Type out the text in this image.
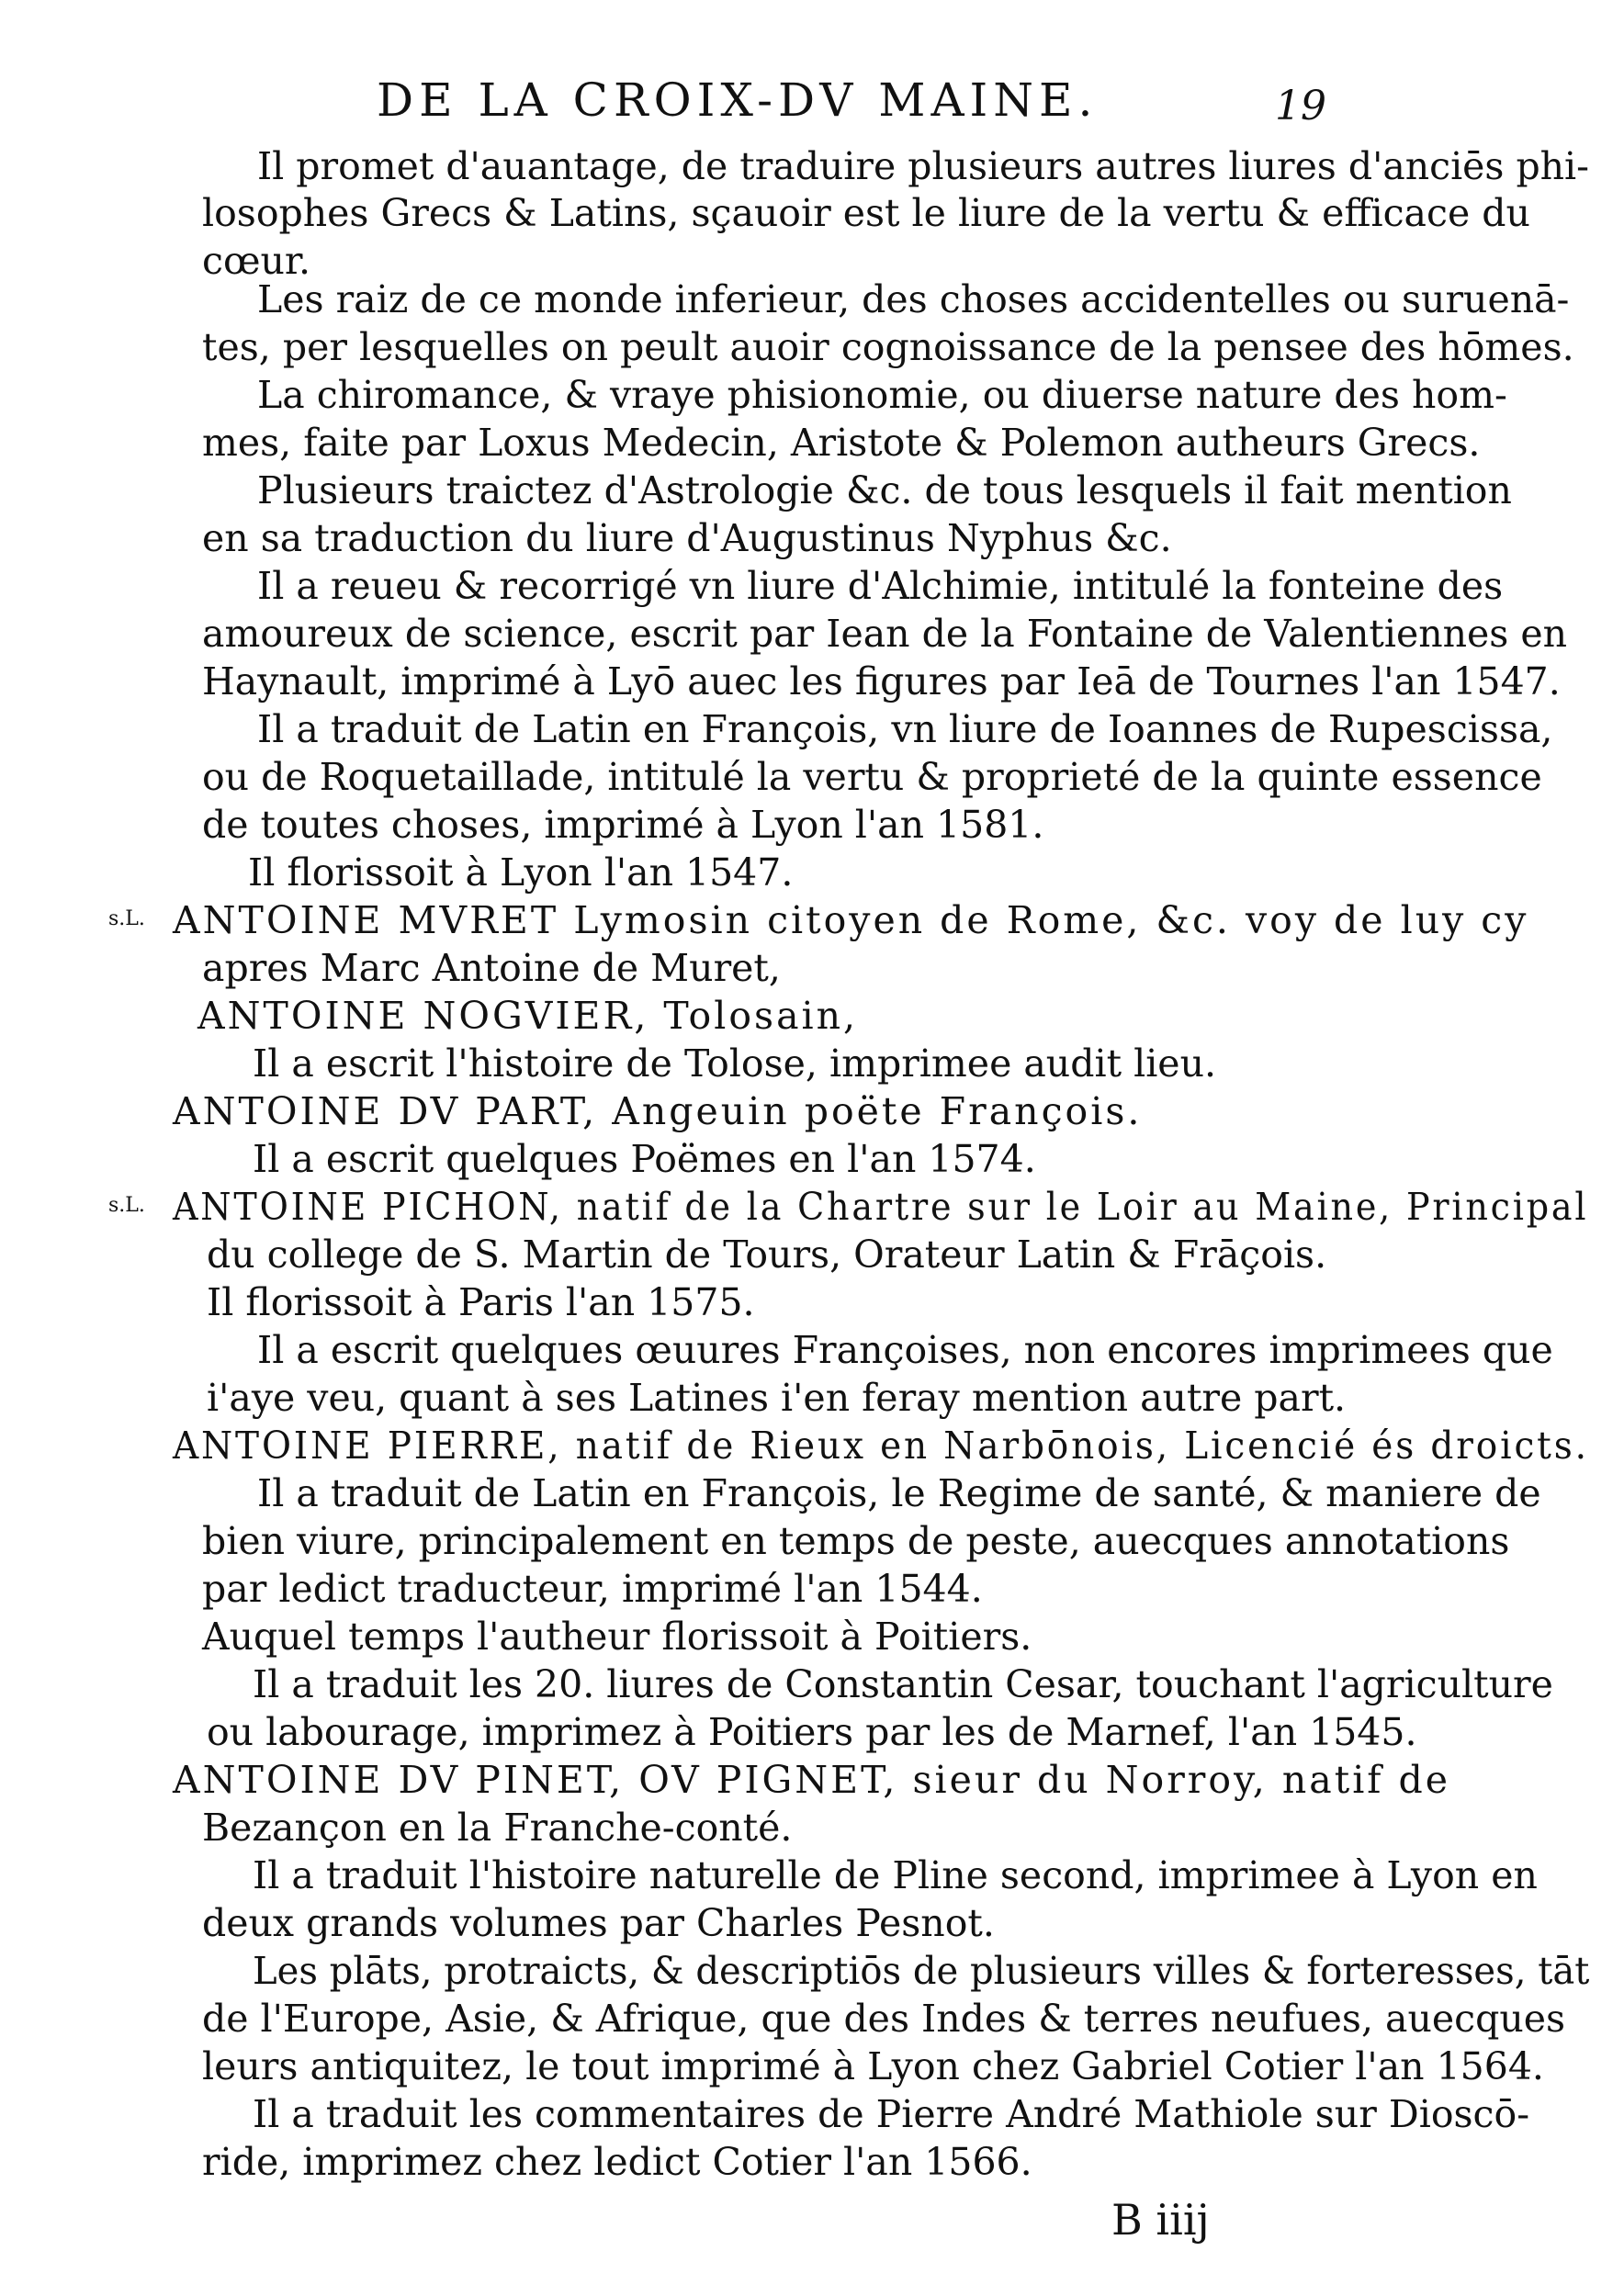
DE LA CROIX-DV MAINE.	19
Il promet d'auantage, de traduire plusieurs autres liures d'anciēs phi-
losophes Grecs & Latins, sçauoir est le liure de la vertu & efficace du
cœur.
Les raiz de ce monde inferieur, des choses accidentelles ou suruenā-
tes, per lesquelles on peult auoir cognoissance de la pensee des hōmes.
La chiromance, & vraye phisionomie, ou diuerse nature des hom-
mes, faite par Loxus Medecin, Aristote & Polemon autheurs Grecs.
Plusieurs traictez d'Astrologie &c. de tous lesquels il fait mention
en sa traduction du liure d'Augustinus Nyphus &c.
Il a reueu & recorrigé vn liure d'Alchimie, intitulé la fonteine des
amoureux de science, escrit par Iean de la Fontaine de Valentiennes en
Haynault, imprimé à Lyō auec les figures par Ieā de Tournes l'an 1547.
Il a traduit de Latin en François, vn liure de Ioannes de Rupescissa,
ou de Roquetaillade, intitulé la vertu & proprieté de la quinte essence
de toutes choses, imprimé à Lyon l'an 1581.
Il florissoit à Lyon l'an 1547.
s.L. ANTOINE MVRET Lymosin citoyen de Rome, &c. voy de luy cy
apres Marc Antoine de Muret,
ANTOINE NOGVIER, Tolosain,
Il a escrit l'histoire de Tolose, imprimee audit lieu.
ANTOINE DV PART, Angeuin poëte François.
Il a escrit quelques Poëmes en l'an 1574.
s.L. ANTOINE PICHON, natif de la Chartre sur le Loir au Maine, Principal
du college de S. Martin de Tours, Orateur Latin & Frāçois.
Il florissoit à Paris l'an 1575.
Il a escrit quelques œuures Françoises, non encores imprimees que
i'aye veu, quant à ses Latines i'en feray mention autre part.
ANTOINE PIERRE, natif de Rieux en Narbōnois, Licencié és droicts.
Il a traduit de Latin en François, le Regime de santé, & maniere de
bien viure, principalement en temps de peste, auecques annotations
par ledict traducteur, imprimé l'an 1544.
Auquel temps l'autheur florissoit à Poitiers.
Il a traduit les 20. liures de Constantin Cesar, touchant l'agriculture
ou labourage, imprimez à Poitiers par les de Marnef, l'an 1545.
ANTOINE DV PINET, OV PIGNET, sieur du Norroy, natif de
Bezançon en la Franche-conté.
Il a traduit l'histoire naturelle de Pline second, imprimee à Lyon en
deux grands volumes par Charles Pesnot.
Les plāts, protraicts, & descriptiōs de plusieurs villes & forteresses, tāt
de l'Europe, Asie, & Afrique, que des Indes & terres neufues, auecques
leurs antiquitez, le tout imprimé à Lyon chez Gabriel Cotier l'an 1564.
Il a traduit les commentaires de Pierre André Mathiole sur Dioscō-
ride, imprimez chez ledict Cotier l'an 1566.
B iiij
